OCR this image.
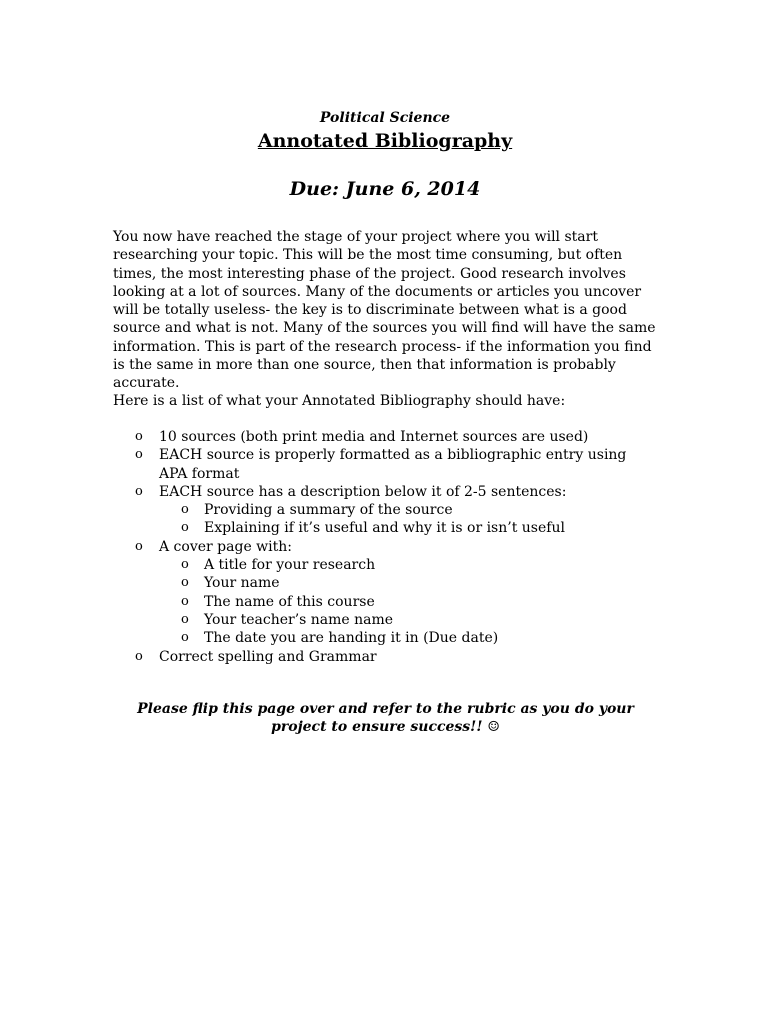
Political Science
Annotated Bibliography
Due: June 6, 2014

You now have reached the stage of your project where you will start researching your topic. This will be the most time consuming, but often times, the most interesting phase of the project. Good research involves looking at a lot of sources. Many of the documents or articles you uncover will be totally useless- the key is to discriminate between what is a good source and what is not. Many of the sources you will find will have the same information. This is part of the research process- if the information you find is the same in more than one source, then that information is probably accurate.

Here is a list of what your Annotated Bibliography should have:

o 10 sources (both print media and Internet sources are used)
o EACH source is properly formatted as a bibliographic entry using APA format
o EACH source has a description below it of 2-5 sentences:
o Providing a summary of the source
o Explaining if it’s useful and why it is or isn’t useful
o A cover page with:
o A title for your research
o Your name
o The name of this course
o Your teacher’s name name
o The date you are handing it in (Due date)
o Correct spelling and Grammar
Please flip this page over and refer to the rubric as you do your project to ensure success!! ☺
